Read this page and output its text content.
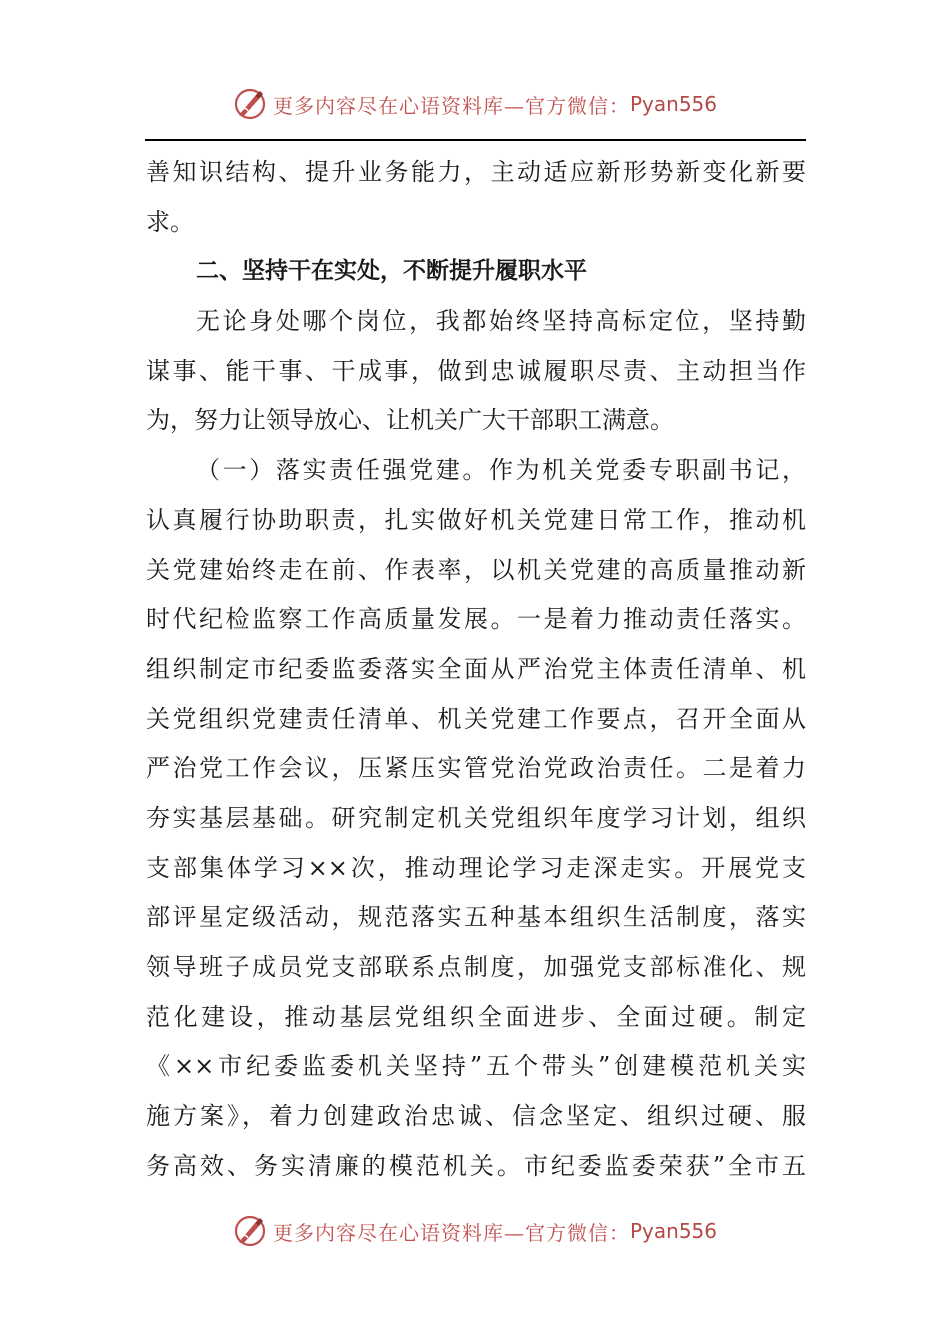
更多内容尽在心语资料库—官方微信： Pyan556
善知识结构、提升业务能力，主动适应新形势新变化新要
求。
二、坚持干在实处，不断提升履职水平
无论身处哪个岗位，我都始终坚持高标定位，坚持勤
谋事、能干事、干成事，做到忠诚履职尽责、主动担当作
为，努力让领导放心、让机关广大干部职工满意。
（一）落实责任强党建。作为机关党委专职副书记，
认真履行协助职责，扎实做好机关党建日常工作，推动机
关党建始终走在前、作表率，以机关党建的高质量推动新
时代纪检监察工作高质量发展。一是着力推动责任落实。
组织制定市纪委监委落实全面从严治党主体责任清单、机
关党组织党建责任清单、机关党建工作要点，召开全面从
严治党工作会议，压紧压实管党治党政治责任。二是着力
夯实基层基础。研究制定机关党组织年度学习计划，组织
支部集体学习××次，推动理论学习走深走实。开展党支
部评星定级活动，规范落实五种基本组织生活制度，落实
领导班子成员党支部联系点制度，加强党支部标准化、规
范化建设，推动基层党组织全面进步、全面过硬。制定
《××市纪委监委机关坚持”五个带头”创建模范机关实
施方案》，着力创建政治忠诚、信念坚定、组织过硬、服
务高效、务实清廉的模范机关。市纪委监委荣获”全市五
更多内容尽在心语资料库—官方微信： Pyan556
